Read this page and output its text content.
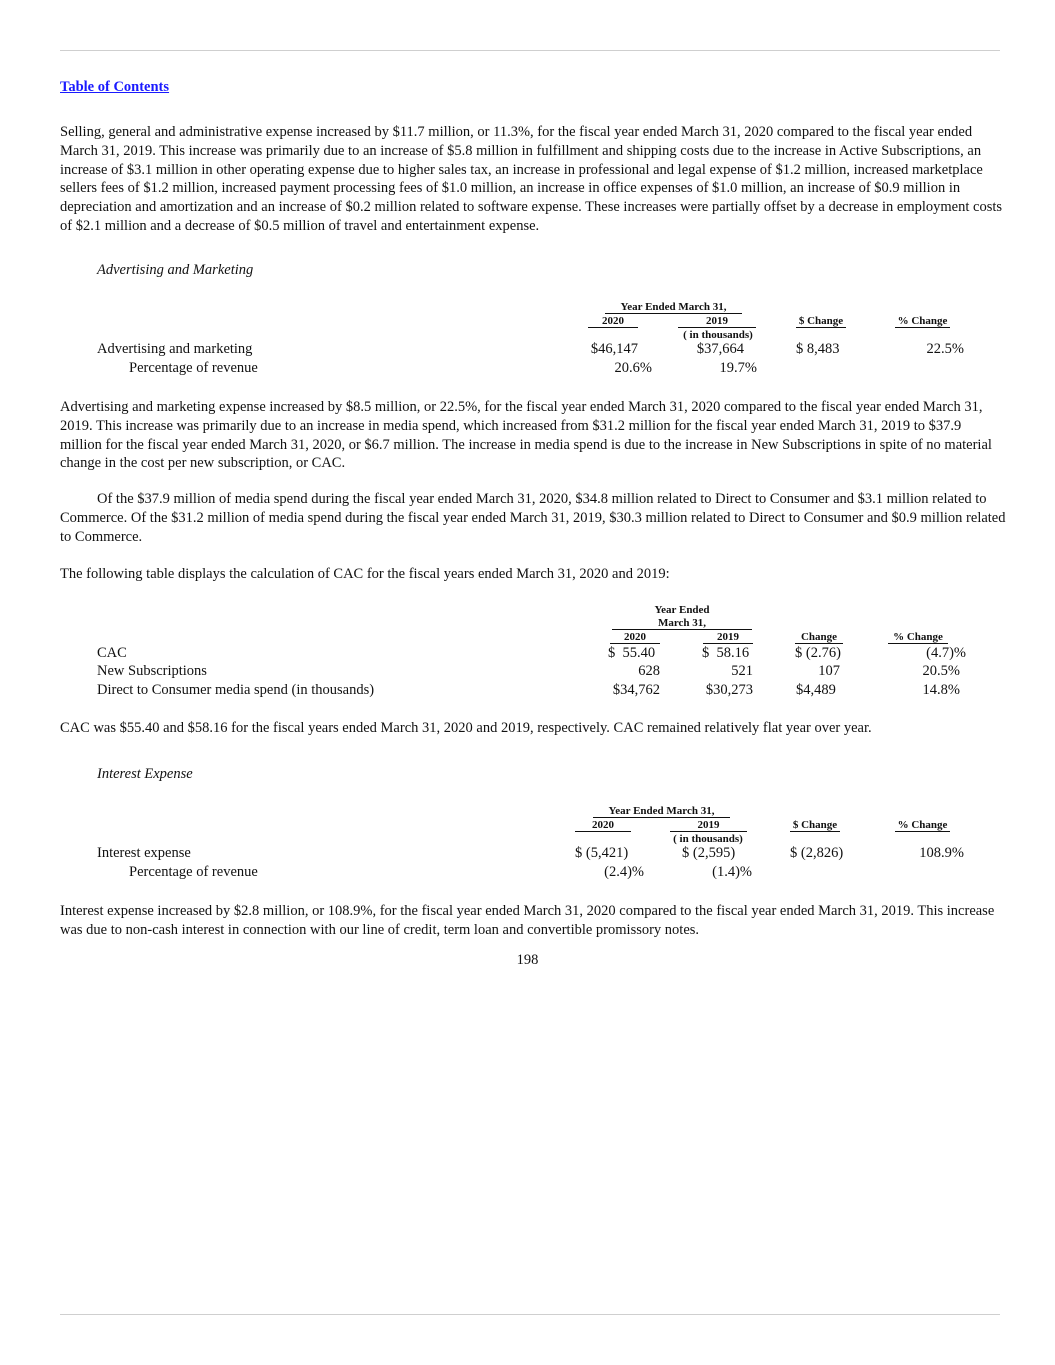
Table of Contents

Selling, general and administrative expense increased by $11.7 million, or 11.3%, for the fiscal year ended March 31, 2020 compared to the fiscal year ended March 31, 2019. This increase was primarily due to an increase of $5.8 million in fulfillment and shipping costs due to the increase in Active Subscriptions, an increase of $3.1 million in other operating expense due to higher sales tax, an increase in professional and legal expense of $1.2 million, increased marketplace sellers fees of $1.2 million, increased payment processing fees of $1.0 million, an increase in office expenses of $1.0 million, an increase of $0.9 million in depreciation and amortization and an increase of $0.2 million related to software expense. These increases were partially offset by a decrease in employment costs of $2.1 million and a decrease of $0.5 million of travel and entertainment expense.

Advertising and Marketing
Year Ended March 31,
2020	2019	$ Change	% Change
( in thousands)
Advertising and marketing	$46,147	$37,664	$ 8,483	22.5%
Percentage of revenue	20.6%	19.7%

Advertising and marketing expense increased by $8.5 million, or 22.5%, for the fiscal year ended March 31, 2020 compared to the fiscal year ended March 31, 2019. This increase was primarily due to an increase in media spend, which increased from $31.2 million for the fiscal year ended March 31, 2019 to $37.9 million for the fiscal year ended March 31, 2020, or $6.7 million. The increase in media spend is due to the increase in New Subscriptions in spite of no material change in the cost per new subscription, or CAC.

Of the $37.9 million of media spend during the fiscal year ended March 31, 2020, $34.8 million related to Direct to Consumer and $3.1 million related to Commerce. Of the $31.2 million of media spend during the fiscal year ended March 31, 2019, $30.3 million related to Direct to Consumer and $0.9 million related to Commerce.

The following table displays the calculation of CAC for the fiscal years ended March 31, 2020 and 2019:

Year Ended
March 31,
2020	2019	Change	% Change
CAC	$  55.40	$  58.16	$ (2.76)	(4.7)%
New Subscriptions	628	521	107	20.5%
Direct to Consumer media spend (in thousands)	$34,762	$30,273	$4,489	14.8%

CAC was $55.40 and $58.16 for the fiscal years ended March 31, 2020 and 2019, respectively. CAC remained relatively flat year over year.

Interest Expense
Year Ended March 31,
2020	2019	$ Change	% Change
( in thousands)
Interest expense	$ (5,421)	$ (2,595)	$ (2,826)	108.9%
Percentage of revenue	(2.4)%	(1.4)%

Interest expense increased by $2.8 million, or 108.9%, for the fiscal year ended March 31, 2020 compared to the fiscal year ended March 31, 2019. This increase was due to non-cash interest in connection with our line of credit, term loan and convertible promissory notes.

198
